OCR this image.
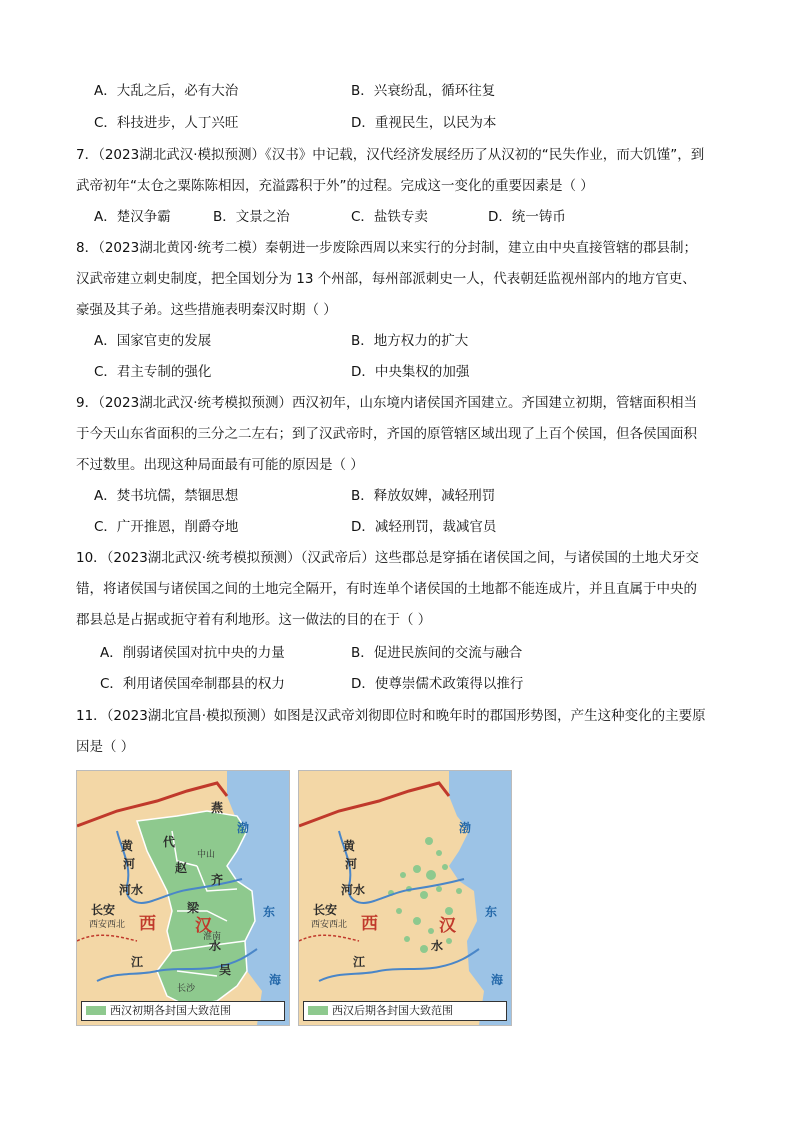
A．大乱之后，必有大治	B．兴衰纷乱，循环往复
C．科技进步，人丁兴旺	D．重视民生，以民为本
7．（2023湖北武汉·模拟预测）《汉书》中记载，汉代经济发展经历了从汉初的“民失作业，而大饥馑”，到
武帝初年“太仓之粟陈陈相因，充溢露积于外”的过程。完成这一变化的重要因素是（ ）
A．楚汉争霸	B．文景之治	C．盐铁专卖	D．统一铸币
8．（2023湖北黄冈·统考二模）秦朝进一步废除西周以来实行的分封制，建立由中央直接管辖的郡县制；
汉武帝建立刺史制度，把全国划分为 13 个州部，每州部派刺史一人，代表朝廷监视州部内的地方官吏、
豪强及其子弟。这些措施表明秦汉时期（ ）
A．国家官吏的发展	B．地方权力的扩大
C．君主专制的强化	D．中央集权的加强
9．（2023湖北武汉·统考模拟预测）西汉初年，山东境内诸侯国齐国建立。齐国建立初期，管辖面积相当
于今天山东省面积的三分之二左右；到了汉武帝时，齐国的原管辖区域出现了上百个侯国，但各侯国面积
不过数里。出现这种局面最有可能的原因是（ ）
A．焚书坑儒，禁锢思想	B．释放奴婢，减轻刑罚
C．广开推恩，削爵夺地	D．减轻刑罚，裁减官员
10．（2023湖北武汉·统考模拟预测）（汉武帝后）这些郡总是穿插在诸侯国之间，与诸侯国的土地犬牙交
错，将诸侯国与诸侯国之间的土地完全隔开，有时连单个诸侯国的土地都不能连成片，并且直属于中央的
郡县总是占据或扼守着有利地形。这一做法的目的在于（ ）
A．削弱诸侯国对抗中央的力量	B．促进民族间的交流与融合
C．利用诸侯国牵制郡县的权力	D．使尊崇儒术政策得以推行
11．（2023湖北宜昌·模拟预测）如图是汉武帝刘彻即位时和晚年时的郡国形势图，产生这种变化的主要原
因是（ ）
燕
代
中山
赵
齐
梁
淮南
吴
长沙
渤
东
海
黄
河
河水
长安
西安西北 西 汉
江
水
西汉初期各封国大致范围
渤
东
海
黄
河
河水
长安
西安西北 西	汉
江
水
西汉后期各封国大致范围
